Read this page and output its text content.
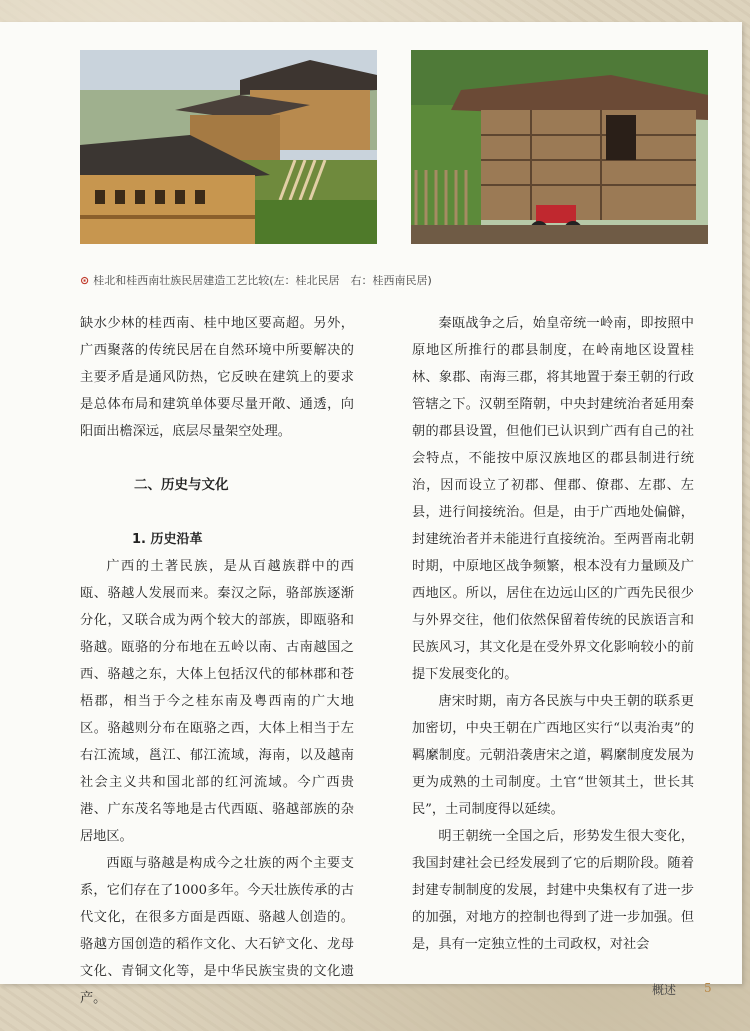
⊙ 桂北和桂西南壮族民居建造工艺比较(左：桂北民居　右：桂西南民居)

缺水少林的桂西南、桂中地区要高超。另外，广西聚落的传统民居在自然环境中所要解决的主要矛盾是通风防热，它反映在建筑上的要求是总体布局和建筑单体要尽量开敞、通透，向阳面出檐深远，底层尽量架空处理。

二、历史与文化

1. 历史沿革

广西的土著民族，是从百越族群中的西瓯、骆越人发展而来。秦汉之际，骆部族逐渐分化，又联合成为两个较大的部族，即瓯骆和骆越。瓯骆的分布地在五岭以南、古南越国之西、骆越之东，大体上包括汉代的郁林郡和苍梧郡，相当于今之桂东南及粤西南的广大地区。骆越则分布在瓯骆之西，大体上相当于左右江流域，邕江、郁江流域，海南，以及越南社会主义共和国北部的红河流域。今广西贵港、广东茂名等地是古代西瓯、骆越部族的杂居地区。

西瓯与骆越是构成今之壮族的两个主要支系，它们存在了1000多年。今天壮族传承的古代文化，在很多方面是西瓯、骆越人创造的。骆越方国创造的稻作文化、大石铲文化、龙母文化、青铜文化等，是中华民族宝贵的文化遗产。

秦瓯战争之后，始皇帝统一岭南，即按照中原地区所推行的郡县制度，在岭南地区设置桂林、象郡、南海三郡，将其地置于秦王朝的行政管辖之下。汉朝至隋朝，中央封建统治者延用秦朝的郡县设置，但他们已认识到广西有自己的社会特点，不能按中原汉族地区的郡县制进行统治，因而设立了初郡、俚郡、僚郡、左郡、左县，进行间接统治。但是，由于广西地处偏僻，封建统治者并未能进行直接统治。至两晋南北朝时期，中原地区战争频繁，根本没有力量顾及广西地区。所以，居住在边远山区的广西先民很少与外界交往，他们依然保留着传统的民族语言和民族风习，其文化是在受外界文化影响较小的前提下发展变化的。

唐宋时期，南方各民族与中央王朝的联系更加密切，中央王朝在广西地区实行“以夷治夷”的羁縻制度。元朝沿袭唐宋之道，羁縻制度发展为更为成熟的土司制度。土官“世领其土，世长其民”，土司制度得以延续。

明王朝统一全国之后，形势发生很大变化，我国封建社会已经发展到了它的后期阶段。随着封建专制制度的发展，封建中央集权有了进一步的加强，对地方的控制也得到了进一步加强。但是，具有一定独立性的土司政权，对社会

概述 5
